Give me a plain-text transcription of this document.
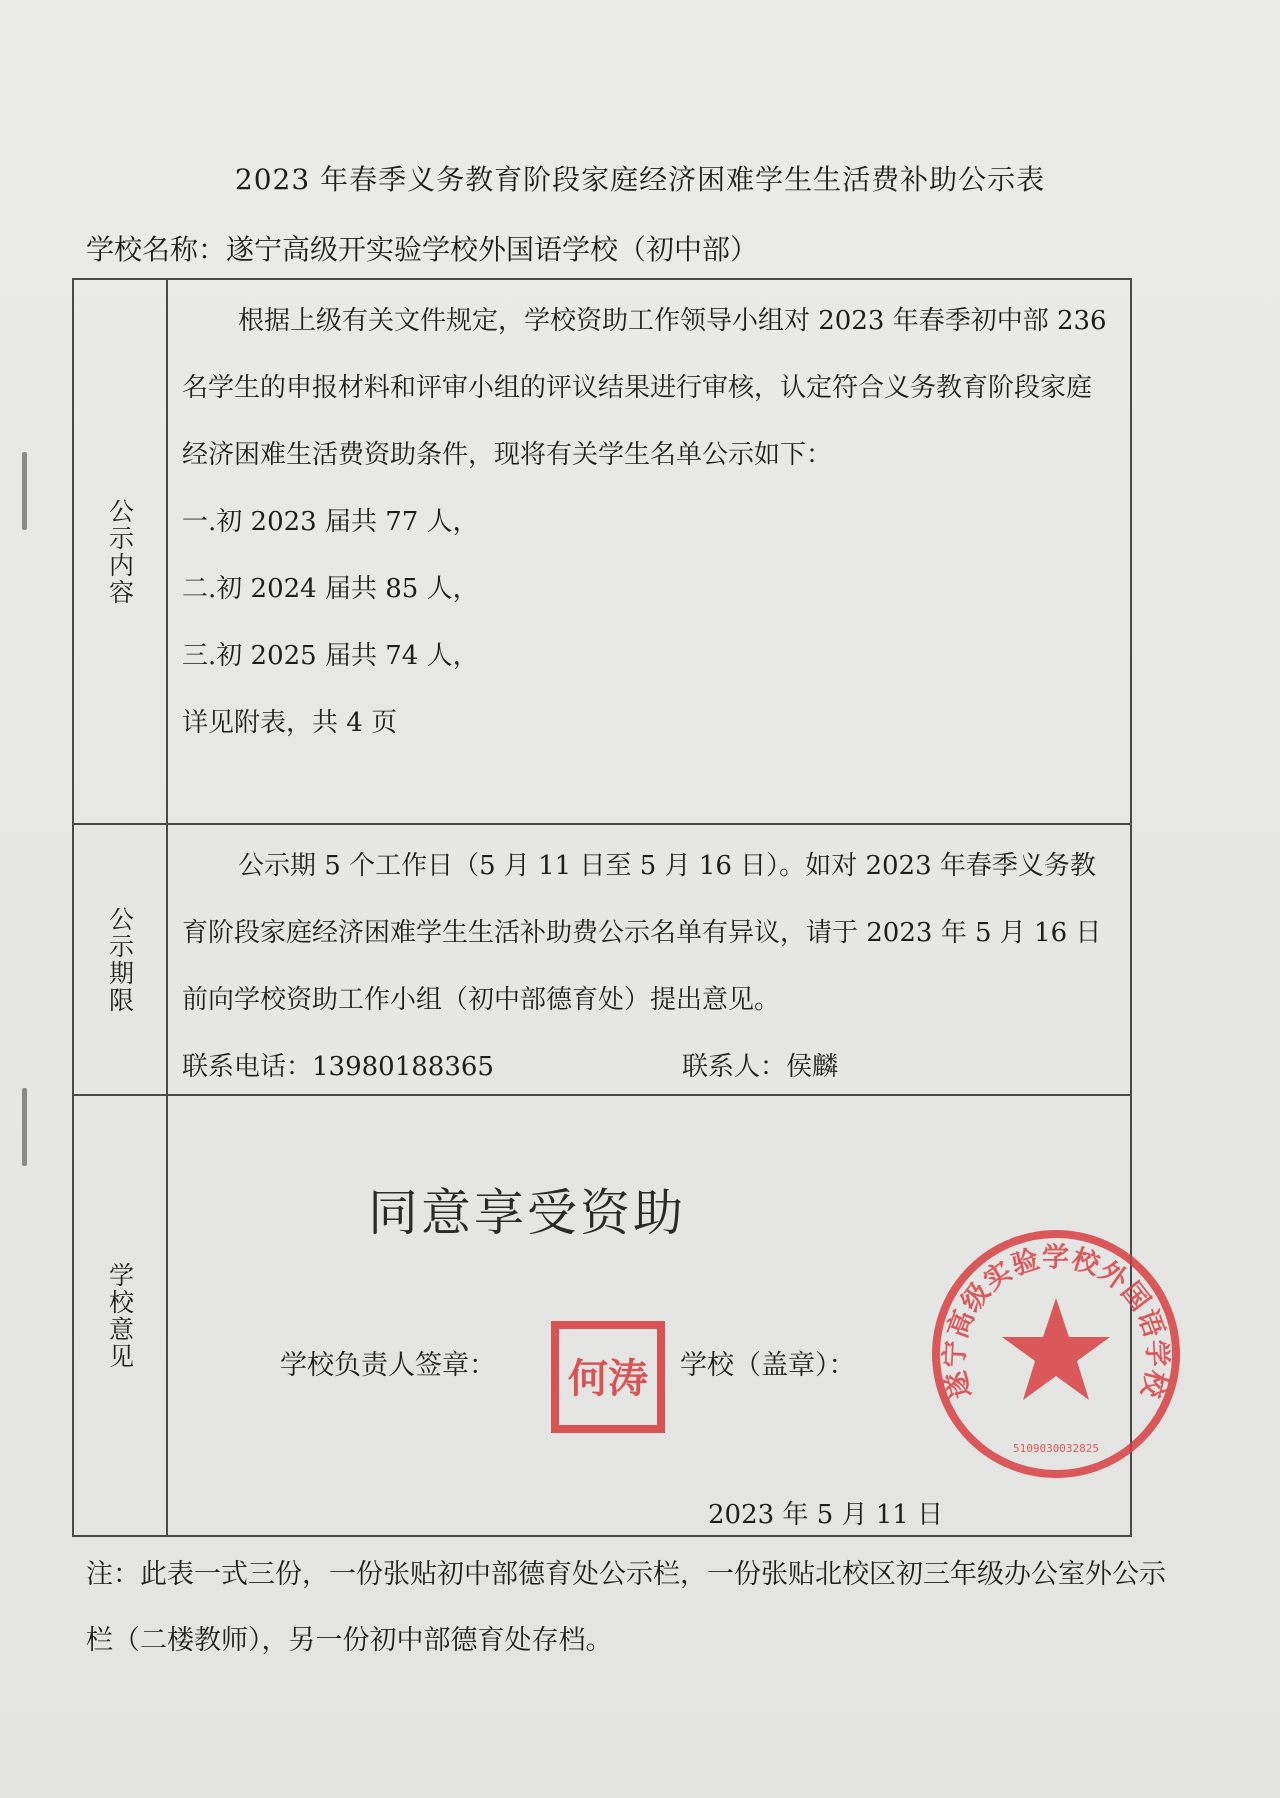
2023 年春季义务教育阶段家庭经济困难学生生活费补助公示表
学校名称：遂宁高级开实验学校外国语学校（初中部）
公示内容

根据上级有关文件规定，学校资助工作领导小组对 2023 年春季初中部 236 名学生的申报材料和评审小组的评议结果进行审核，认定符合义务教育阶段家庭经济困难生活费资助条件，现将有关学生名单公示如下：

一.初 2023 届共 77 人，

二.初 2024 届共 85 人，

三.初 2025 届共 74 人，

详见附表，共 4 页

公示期限

公示期 5 个工作日（5 月 11 日至 5 月 16 日）。如对 2023 年春季义务教育阶段家庭经济困难学生生活补助费公示名单有异议，请于 2023 年 5 月 16 日前向学校资助工作小组（初中部德育处）提出意见。

联系电话：13980188365	联系人：侯麟
学校意见
同意享受资助
学校负责人签章：	学校（盖章）：
何涛	遂宁高级实验学校外国语学校
5109030032825
2023 年 5 月 11 日
注：此表一式三份，一份张贴初中部德育处公示栏，一份张贴北校区初三年级办公室外公示栏（二楼教师），另一份初中部德育处存档。
